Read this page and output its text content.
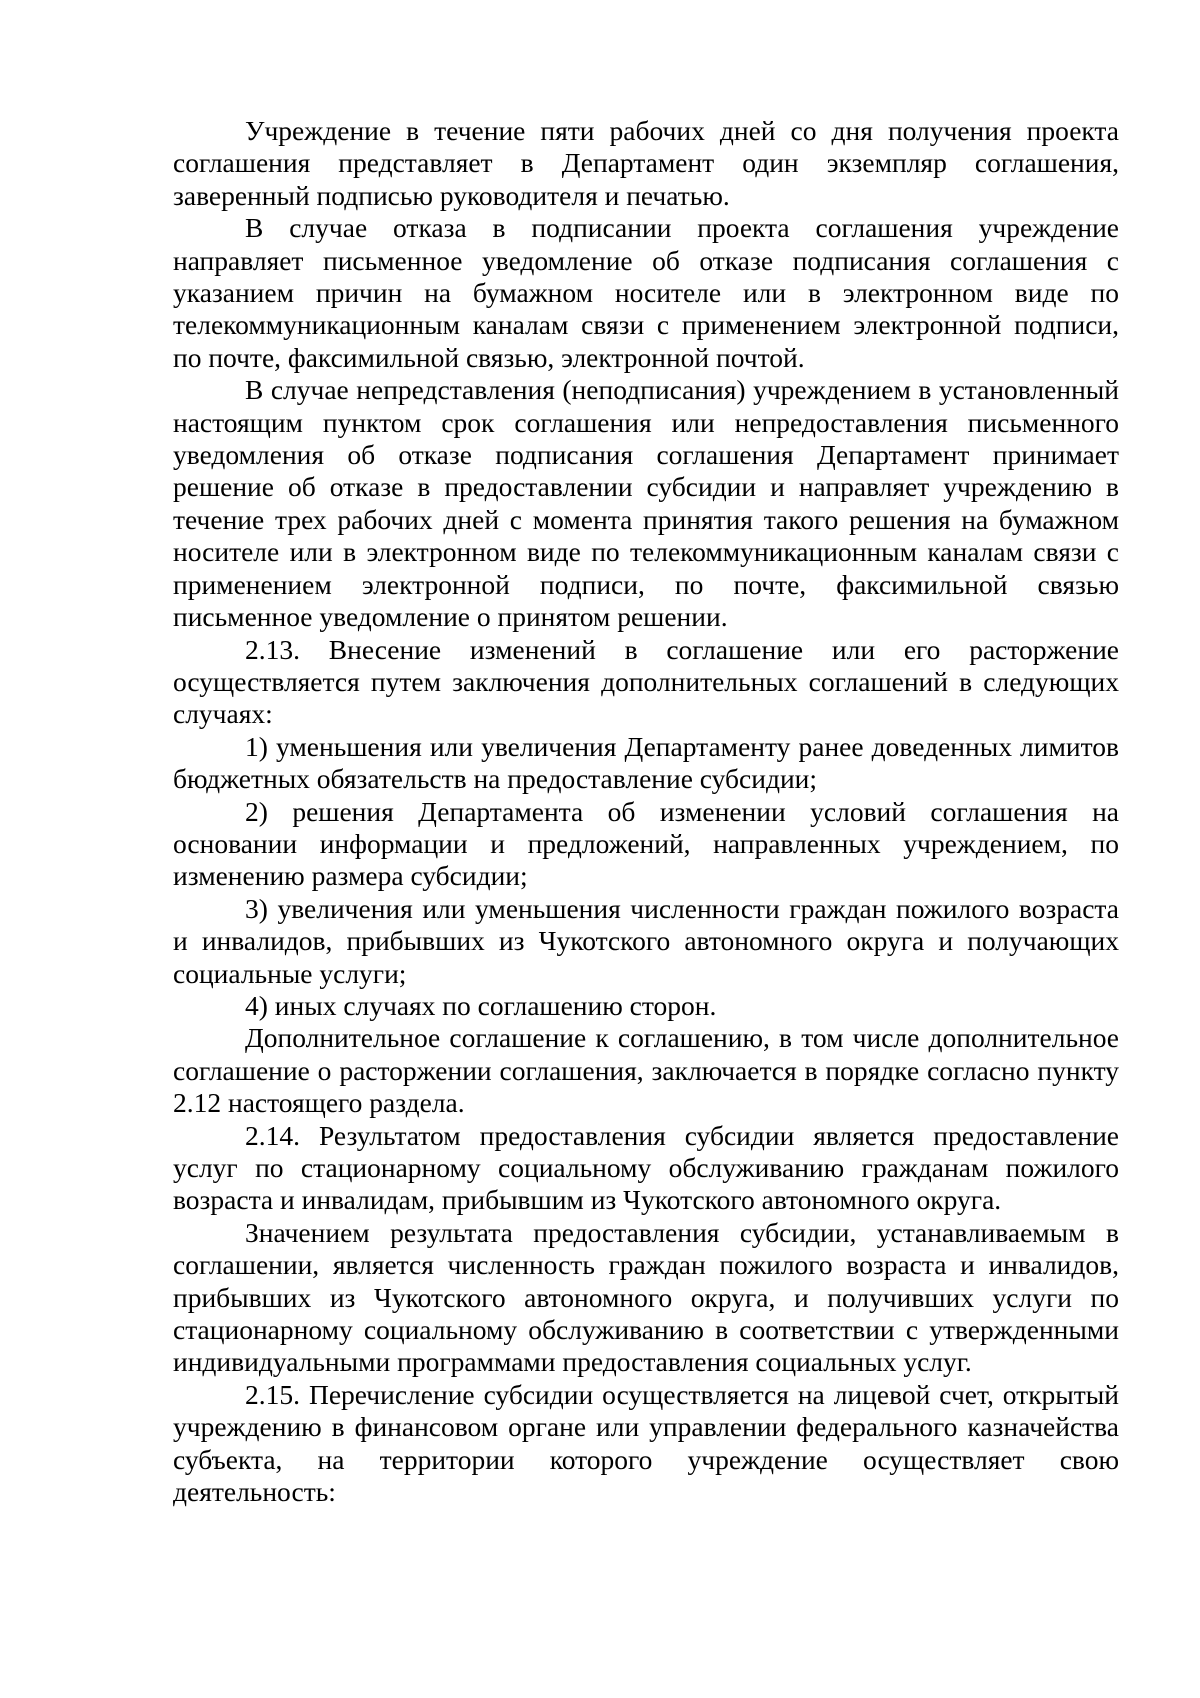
Учреждение в течение пяти рабочих дней со дня получения проекта соглашения представляет в Департамент один экземпляр соглашения, заверенный подписью руководителя и печатью.

В случае отказа в подписании проекта соглашения учреждение направляет письменное уведомление об отказе подписания соглашения с указанием причин на бумажном носителе или в электронном виде по телекоммуникационным каналам связи с применением электронной подписи, по почте, факсимильной связью, электронной почтой.

В случае непредставления (неподписания) учреждением в установленный настоящим пунктом срок соглашения или непредоставления письменного уведомления об отказе подписания соглашения Департамент принимает решение об отказе в предоставлении субсидии и направляет учреждению в течение трех рабочих дней с момента принятия такого решения на бумажном носителе или в электронном виде по телекоммуникационным каналам связи с применением электронной подписи, по почте, факсимильной связью письменное уведомление о принятом решении.

2.13. Внесение изменений в соглашение или его расторжение осуществляется путем заключения дополнительных соглашений в следующих случаях:

1) уменьшения или увеличения Департаменту ранее доведенных лимитов бюджетных обязательств на предоставление субсидии;

2) решения Департамента об изменении условий соглашения на основании информации и предложений, направленных учреждением, по изменению размера субсидии;

3) увеличения или уменьшения численности граждан пожилого возраста и инвалидов, прибывших из Чукотского автономного округа и получающих социальные услуги;

4) иных случаях по соглашению сторон.

Дополнительное соглашение к соглашению, в том числе дополнительное соглашение о расторжении соглашения, заключается в порядке согласно пункту 2.12 настоящего раздела.

2.14. Результатом предоставления субсидии является предоставление услуг по стационарному социальному обслуживанию гражданам пожилого возраста и инвалидам, прибывшим из Чукотского автономного округа.

Значением результата предоставления субсидии, устанавливаемым в соглашении, является численность граждан пожилого возраста и инвалидов, прибывших из Чукотского автономного округа, и получивших услуги по стационарному социальному обслуживанию в соответствии с утвержденными индивидуальными программами предоставления социальных услуг.

2.15. Перечисление субсидии осуществляется на лицевой счет, открытый учреждению в финансовом органе или управлении федерального казначейства субъекта, на территории которого учреждение осуществляет свою деятельность:
